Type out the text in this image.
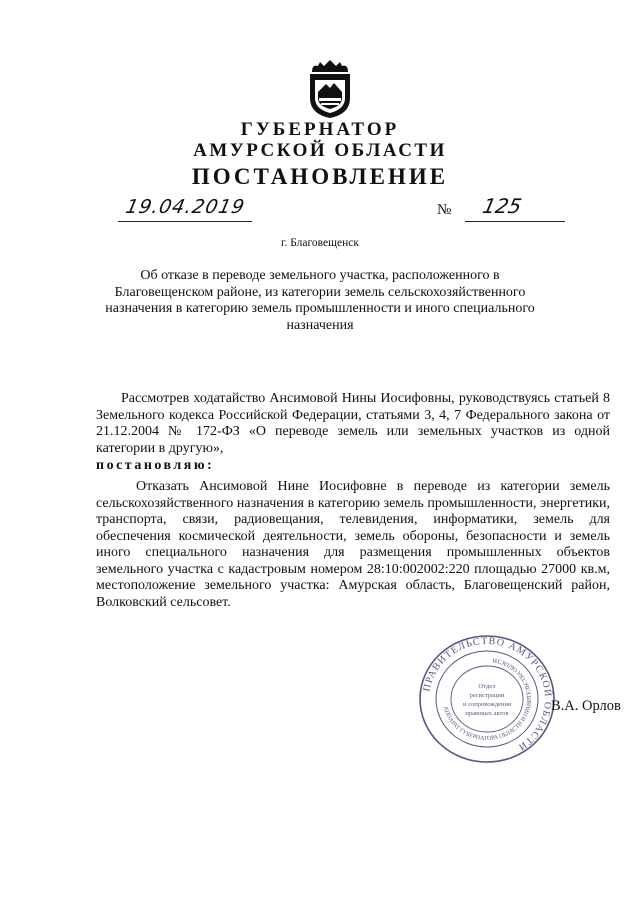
ГУБЕРНАТОР
АМУРСКОЙ ОБЛАСТИ
ПОСТАНОВЛЕНИЕ
19.04.2019	№ 125
г. Благовещенск
Об отказе в переводе земельного участка, расположенного в Благовещенском районе, из категории земель сельскохозяйственного назначения в категорию земель промышленности и иного специального назначения
Рассмотрев ходатайство Ансимовой Нины Иосифовны, руководствуясь статьей 8 Земельного кодекса Российской Федерации, статьями 3, 4, 7 Федерального закона от 21.12.2004 № 172-ФЗ «О переводе земель или земельных участков из одной категории в другую»,
постановляю:
Отказать Ансимовой Нине Иосифовне в переводе из категории земель сельскохозяйственного назначения в категорию земель промышленности, энергетики, транспорта, связи, радиовещания, телевидения, информатики, земель для обеспечения космической деятельности, земель обороны, безопасности и земель иного специального назначения для размещения промышленных объектов земельного участка с кадастровым номером 28:10:002002:220 площадью 27000 кв.м, местоположение земельного участка: Амурская область, Благовещенский район, Волковский сельсовет.
ПРАВИТЕЛЬСТВО АМУРСКОЙ ОБЛАСТИ
АППАРАТ ГУБЕРНАТОРА ОБЛАСТИ И ПРАВИТЕЛЬСТВА ОБЛАСТИ
Отдел
регистрации
и сопровождения
правовых актов	В.А. Орлов
